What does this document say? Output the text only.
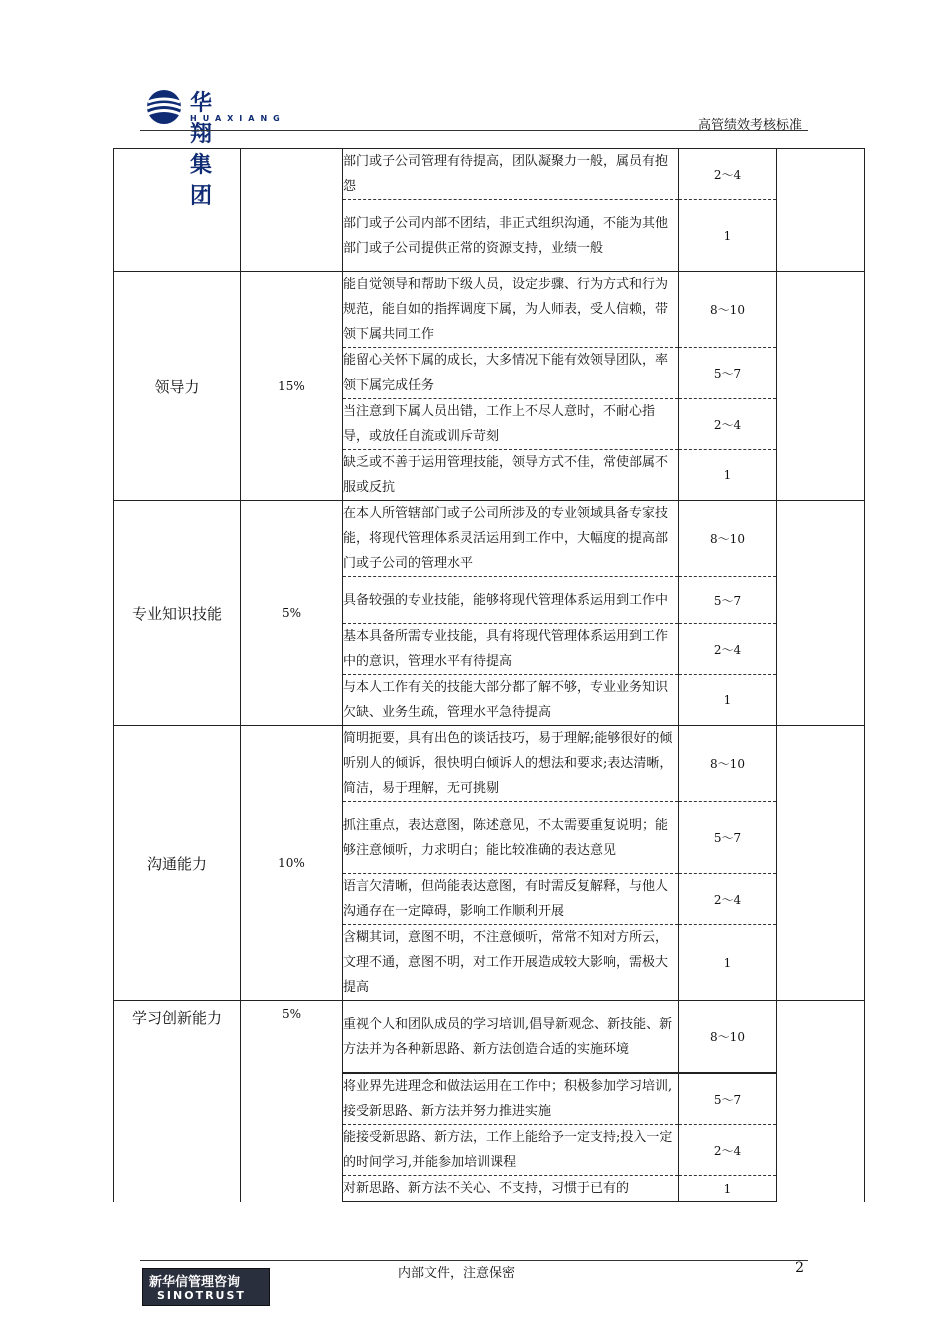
华翔集团
HUAXIANG	高管绩效考核标准
		部门或子公司管理有待提高，团队凝聚力一般，属员有抱怨	2～4	
		部门或子公司内部不团结，非正式组织沟通，不能为其他部门或子公司提供正常的资源支持，业绩一般	1	
领导力	15%	能自觉领导和帮助下级人员，设定步骤、行为方式和行为规范，能自如的指挥调度下属，为人师表，受人信赖，带领下属共同工作	8～10	
		能留心关怀下属的成长，大多情况下能有效领导团队，率领下属完成任务	5～7	
		当注意到下属人员出错，工作上不尽人意时，不耐心指导，或放任自流或训斥苛刻	2～4	
		缺乏或不善于运用管理技能，领导方式不佳，常使部属不服或反抗	1	
专业知识技能	5%	在本人所管辖部门或子公司所涉及的专业领域具备专家技能，将现代管理体系灵活运用到工作中，大幅度的提高部门或子公司的管理水平	8～10	
		具备较强的专业技能，能够将现代管理体系运用到工作中	5～7	
		基本具备所需专业技能，具有将现代管理体系运用到工作中的意识，管理水平有待提高	2～4	
		与本人工作有关的技能大部分都了解不够，专业业务知识欠缺、业务生疏，管理水平急待提高	1	
沟通能力	10%	简明扼要，具有出色的谈话技巧，易于理解;能够很好的倾听别人的倾诉，很快明白倾诉人的想法和要求;表达清晰，简洁，易于理解，无可挑剔	8～10	
		抓注重点，表达意图，陈述意见，不太需要重复说明；能够注意倾听，力求明白；能比较准确的表达意见	5～7	
		语言欠清晰，但尚能表达意图，有时需反复解释，与他人沟通存在一定障碍，影响工作顺利开展	2～4	
		含糊其词，意图不明，不注意倾听，常常不知对方所云，文理不通，意图不明，对工作开展造成较大影响，需极大提高	1	
学习创新能力	5%	重视个人和团队成员的学习培训,倡导新观念、新技能、新方法并为各种新思路、新方法创造合适的实施环境	8～10	
		将业界先进理念和做法运用在工作中；积极参加学习培训,接受新思路、新方法并努力推进实施	5～7	
		能接受新思路、新方法，工作上能给予一定支持;投入一定的时间学习,并能参加培训课程	2～4	
		对新思路、新方法不关心、不支持，习惯于已有的	1	
新华信管理咨询
SINOTRUST
内部文件，注意保密	2
